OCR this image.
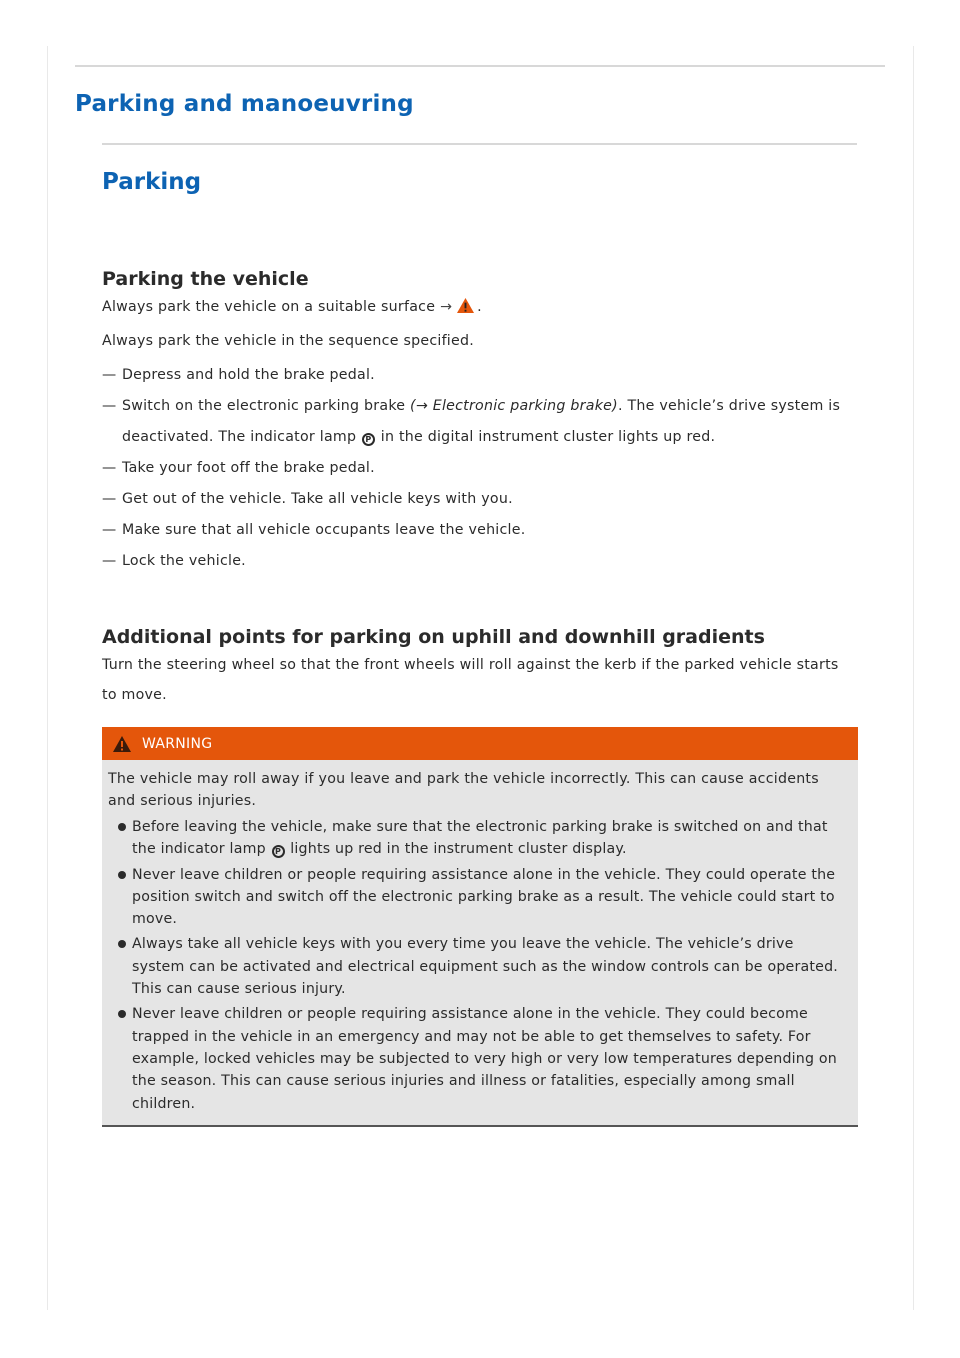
Parking and manoeuvring
Parking
Parking the vehicle

Always park the vehicle on a suitable surface → .

Always park the vehicle in the sequence specified.

— Depress and hold the brake pedal.
— Switch on the electronic parking brake (→ Electronic parking brake). The vehicle’s drive system is deactivated. The indicator lamp P in the digital instrument cluster lights up red.
— Take your foot off the brake pedal.
— Get out of the vehicle. Take all vehicle keys with you.
— Make sure that all vehicle occupants leave the vehicle.
— Lock the vehicle.
Additional points for parking on uphill and downhill gradients

Turn the steering wheel so that the front wheels will roll against the kerb if the parked vehicle starts to move.

WARNING

The vehicle may roll away if you leave and park the vehicle incorrectly. This can cause accidents and serious injuries.

Before leaving the vehicle, make sure that the electronic parking brake is switched on and that the indicator lamp P lights up red in the instrument cluster display.
Never leave children or people requiring assistance alone in the vehicle. They could operate the position switch and switch off the electronic parking brake as a result. The vehicle could start to move.
Always take all vehicle keys with you every time you leave the vehicle. The vehicle’s drive system can be activated and electrical equipment such as the window controls can be operated. This can cause serious injury.
Never leave children or people requiring assistance alone in the vehicle. They could become trapped in the vehicle in an emergency and may not be able to get themselves to safety. For example, locked vehicles may be subjected to very high or very low temperatures depending on the season. This can cause serious injuries and illness or fatalities, especially among small children.
